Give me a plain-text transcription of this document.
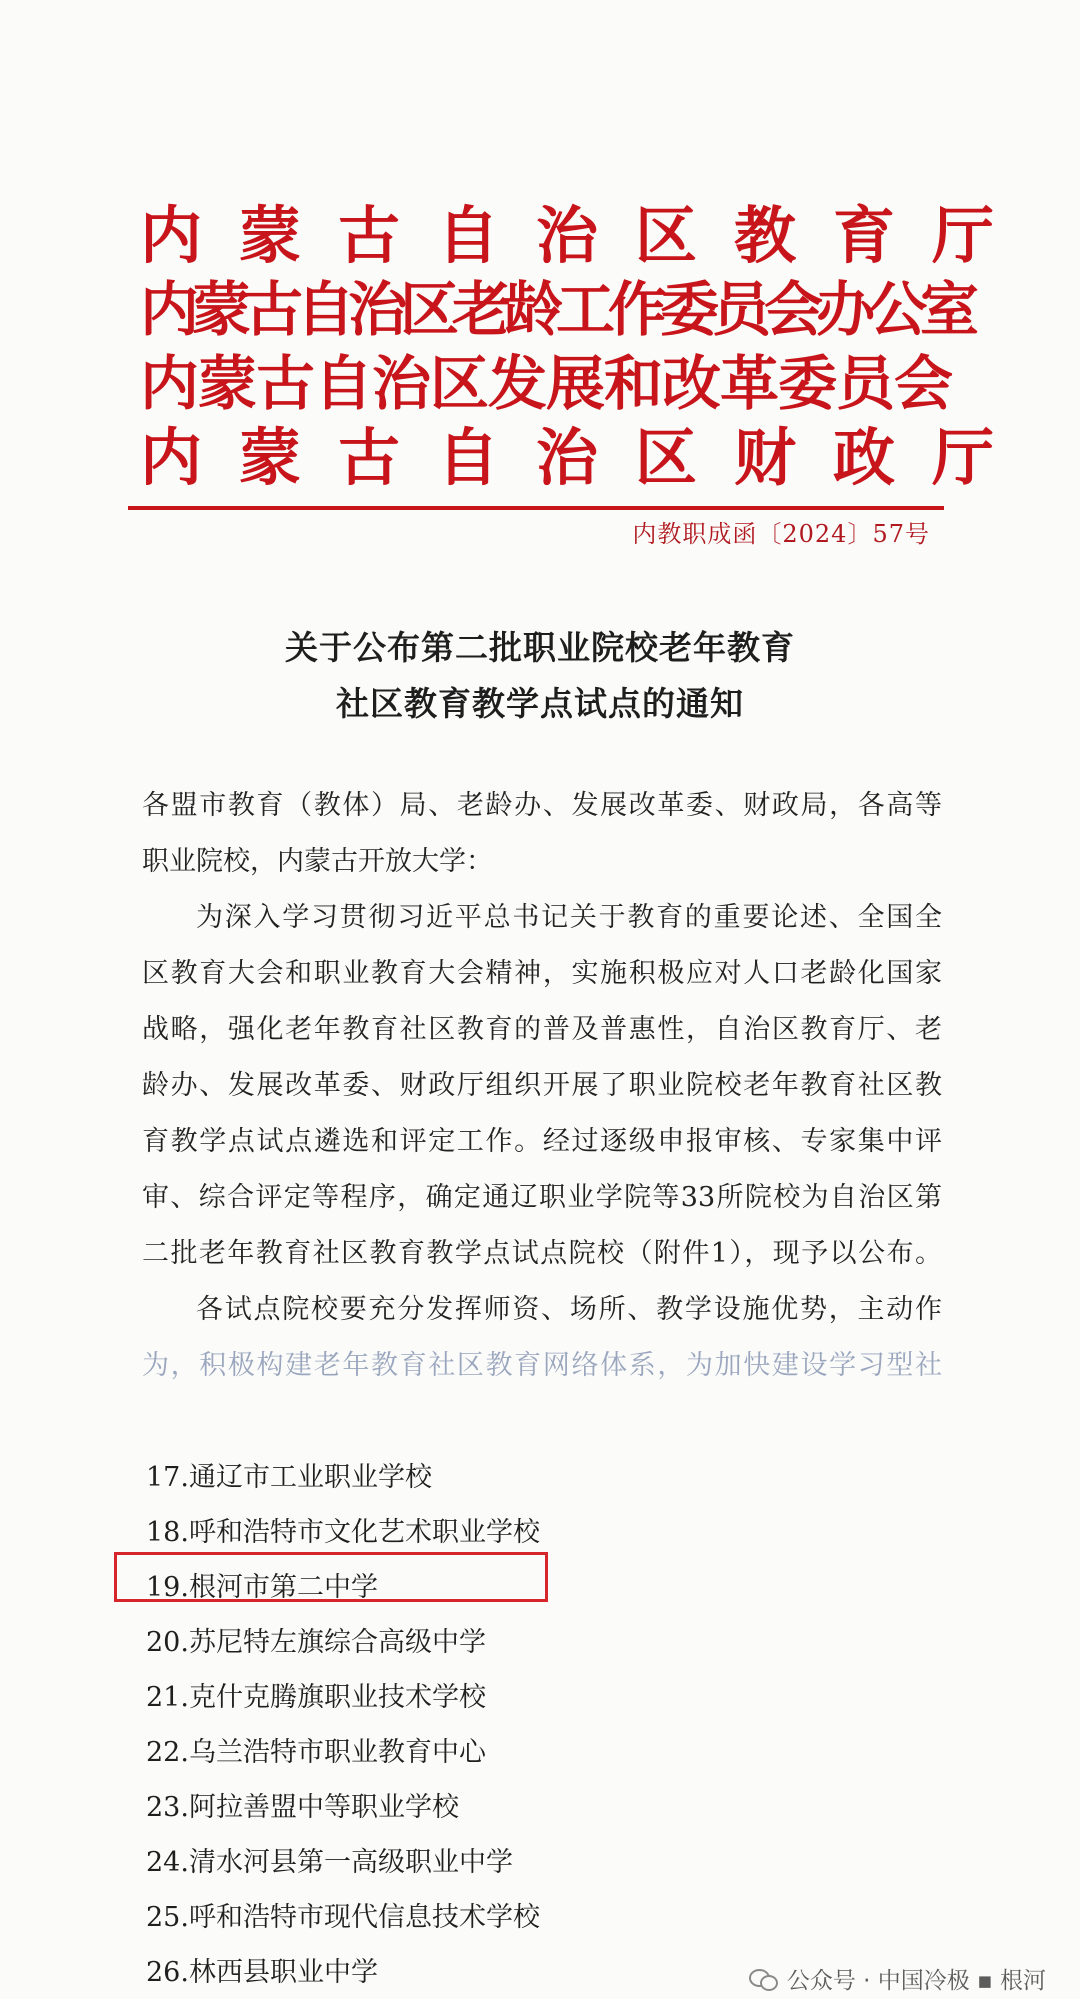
内蒙古自治区教育厅
内蒙古自治区老龄工作委员会办公室
内蒙古自治区发展和改革委员会
内蒙古自治区财政厅
内教职成函〔2024〕57号
关于公布第二批职业院校老年教育
社区教育教学点试点的通知
各盟市教育（教体）局、老龄办、发展改革委、财政局，各高等
职业院校，内蒙古开放大学：
为深入学习贯彻习近平总书记关于教育的重要论述、全国全
区教育大会和职业教育大会精神，实施积极应对人口老龄化国家
战略，强化老年教育社区教育的普及普惠性，自治区教育厅、老
龄办、发展改革委、财政厅组织开展了职业院校老年教育社区教
育教学点试点遴选和评定工作。经过逐级申报审核、专家集中评
审、综合评定等程序，确定通辽职业学院等33所院校为自治区第
二批老年教育社区教育教学点试点院校（附件1），现予以公布。
各试点院校要充分发挥师资、场所、教学设施优势，主动作
为，积极构建老年教育社区教育网络体系，为加快建设学习型社
17.通辽市工业职业学校
18.呼和浩特市文化艺术职业学校
19.根河市第二中学
20.苏尼特左旗综合高级中学
21.克什克腾旗职业技术学校
22.乌兰浩特市职业教育中心
23.阿拉善盟中等职业学校
24.清水河县第一高级职业中学
25.呼和浩特市现代信息技术学校
26.林西县职业中学	公众号 · 中国冷极 ▪ 根河
